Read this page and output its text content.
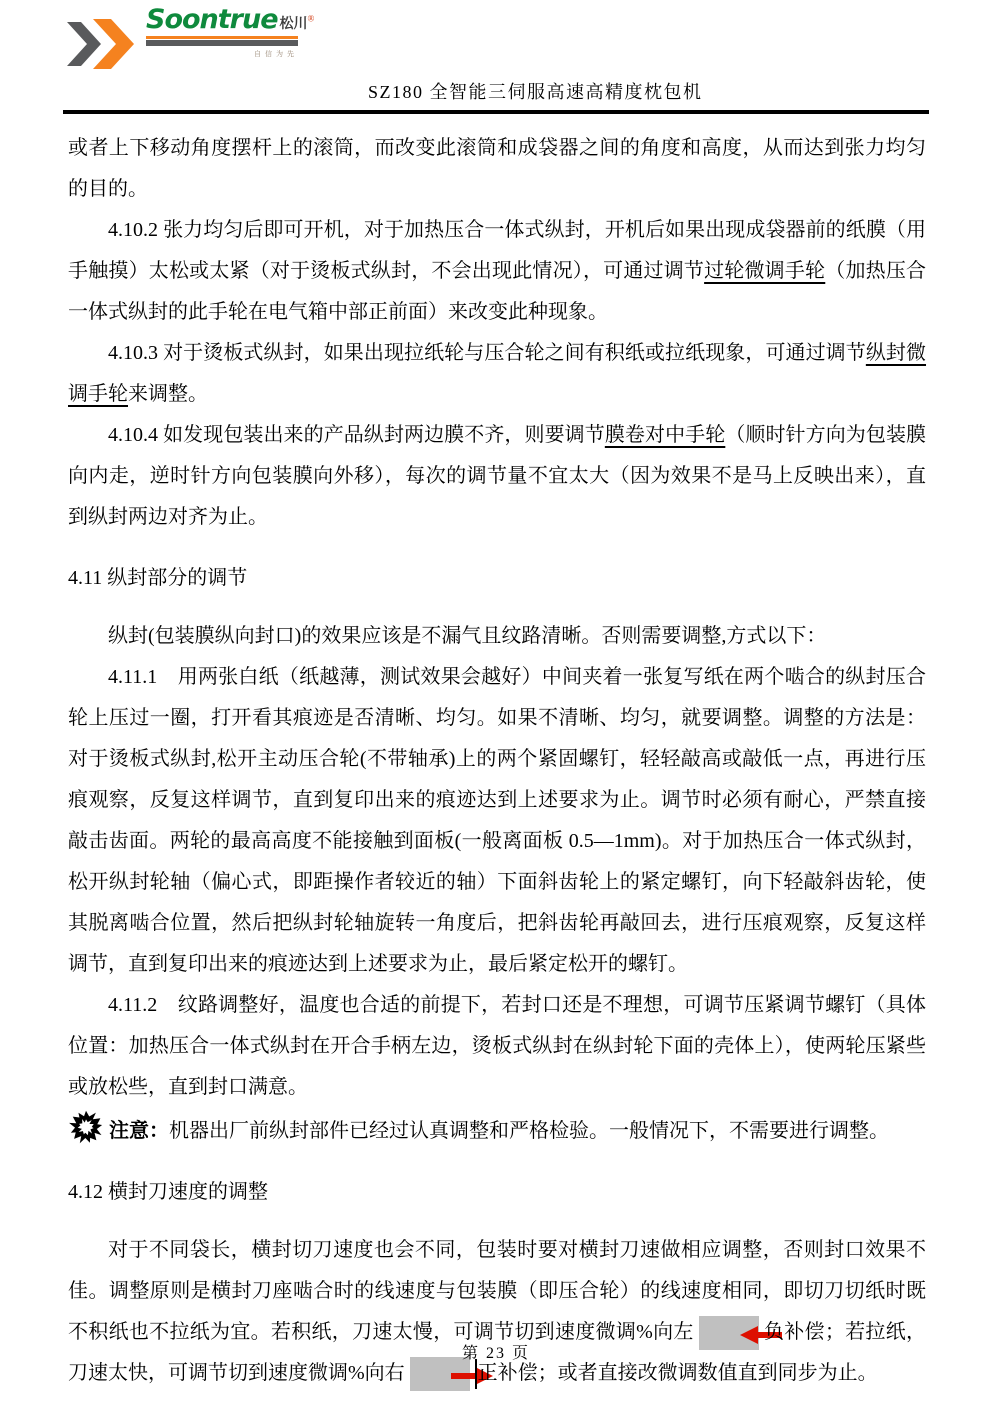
Soontrue 松川®
自信为先
SZ180 全智能三伺服高速高精度枕包机

或者上下移动角度摆杆上的滚筒，而改变此滚筒和成袋器之间的角度和高度，从而达到张力均匀的目的。

4.10.2 张力均匀后即可开机，对于加热压合一体式纵封，开机后如果出现成袋器前的纸膜（用手触摸）太松或太紧（对于烫板式纵封，不会出现此情况），可通过调节过轮微调手轮（加热压合一体式纵封的此手轮在电气箱中部正前面）来改变此种现象。

4.10.3 对于烫板式纵封，如果出现拉纸轮与压合轮之间有积纸或拉纸现象，可通过调节纵封微调手轮来调整。

4.10.4 如发现包装出来的产品纵封两边膜不齐，则要调节膜卷对中手轮（顺时针方向为包装膜向内走，逆时针方向包装膜向外移），每次的调节量不宜太大（因为效果不是马上反映出来），直到纵封两边对齐为止。

4.11 纵封部分的调节

纵封(包装膜纵向封口)的效果应该是不漏气且纹路清晰。否则需要调整,方式以下：

4.11.1　用两张白纸（纸越薄，测试效果会越好）中间夹着一张复写纸在两个啮合的纵封压合轮上压过一圈，打开看其痕迹是否清晰、均匀。如果不清晰、均匀，就要调整。调整的方法是：对于烫板式纵封,松开主动压合轮(不带轴承)上的两个紧固螺钉，轻轻敲高或敲低一点，再进行压痕观察，反复这样调节，直到复印出来的痕迹达到上述要求为止。调节时必须有耐心，严禁直接敲击齿面。两轮的最高高度不能接触到面板(一般离面板 0.5—1mm)。对于加热压合一体式纵封，松开纵封轮轴（偏心式，即距操作者较近的轴）下面斜齿轮上的紧定螺钉，向下轻敲斜齿轮，使其脱离啮合位置，然后把纵封轮轴旋转一角度后，把斜齿轮再敲回去，进行压痕观察，反复这样调节，直到复印出来的痕迹达到上述要求为止，最后紧定松开的螺钉。

4.11.2　纹路调整好，温度也合适的前提下，若封口还是不理想，可调节压紧调节螺钉（具体位置：加热压合一体式纵封在开合手柄左边，烫板式纵封在纵封轮下面的壳体上），使两轮压紧些或放松些，直到封口满意。

注意：机器出厂前纵封部件已经过认真调整和严格检验。一般情况下，不需要进行调整。

4.12 横封刀速度的调整

对于不同袋长，横封切刀速度也会不同，包装时要对横封刀速做相应调整，否则封口效果不佳。调整原则是横封刀座啮合时的线速度与包装膜（即压合轮）的线速度相同，即切刀切纸时既不积纸也不拉纸为宜。若积纸，刀速太慢，可调节切到速度微调%向左	负补偿；若拉纸，刀速太快，可调节切到速度微调%向右	正补偿；或者直接改微调数值直到同步为止。

第 23 页
